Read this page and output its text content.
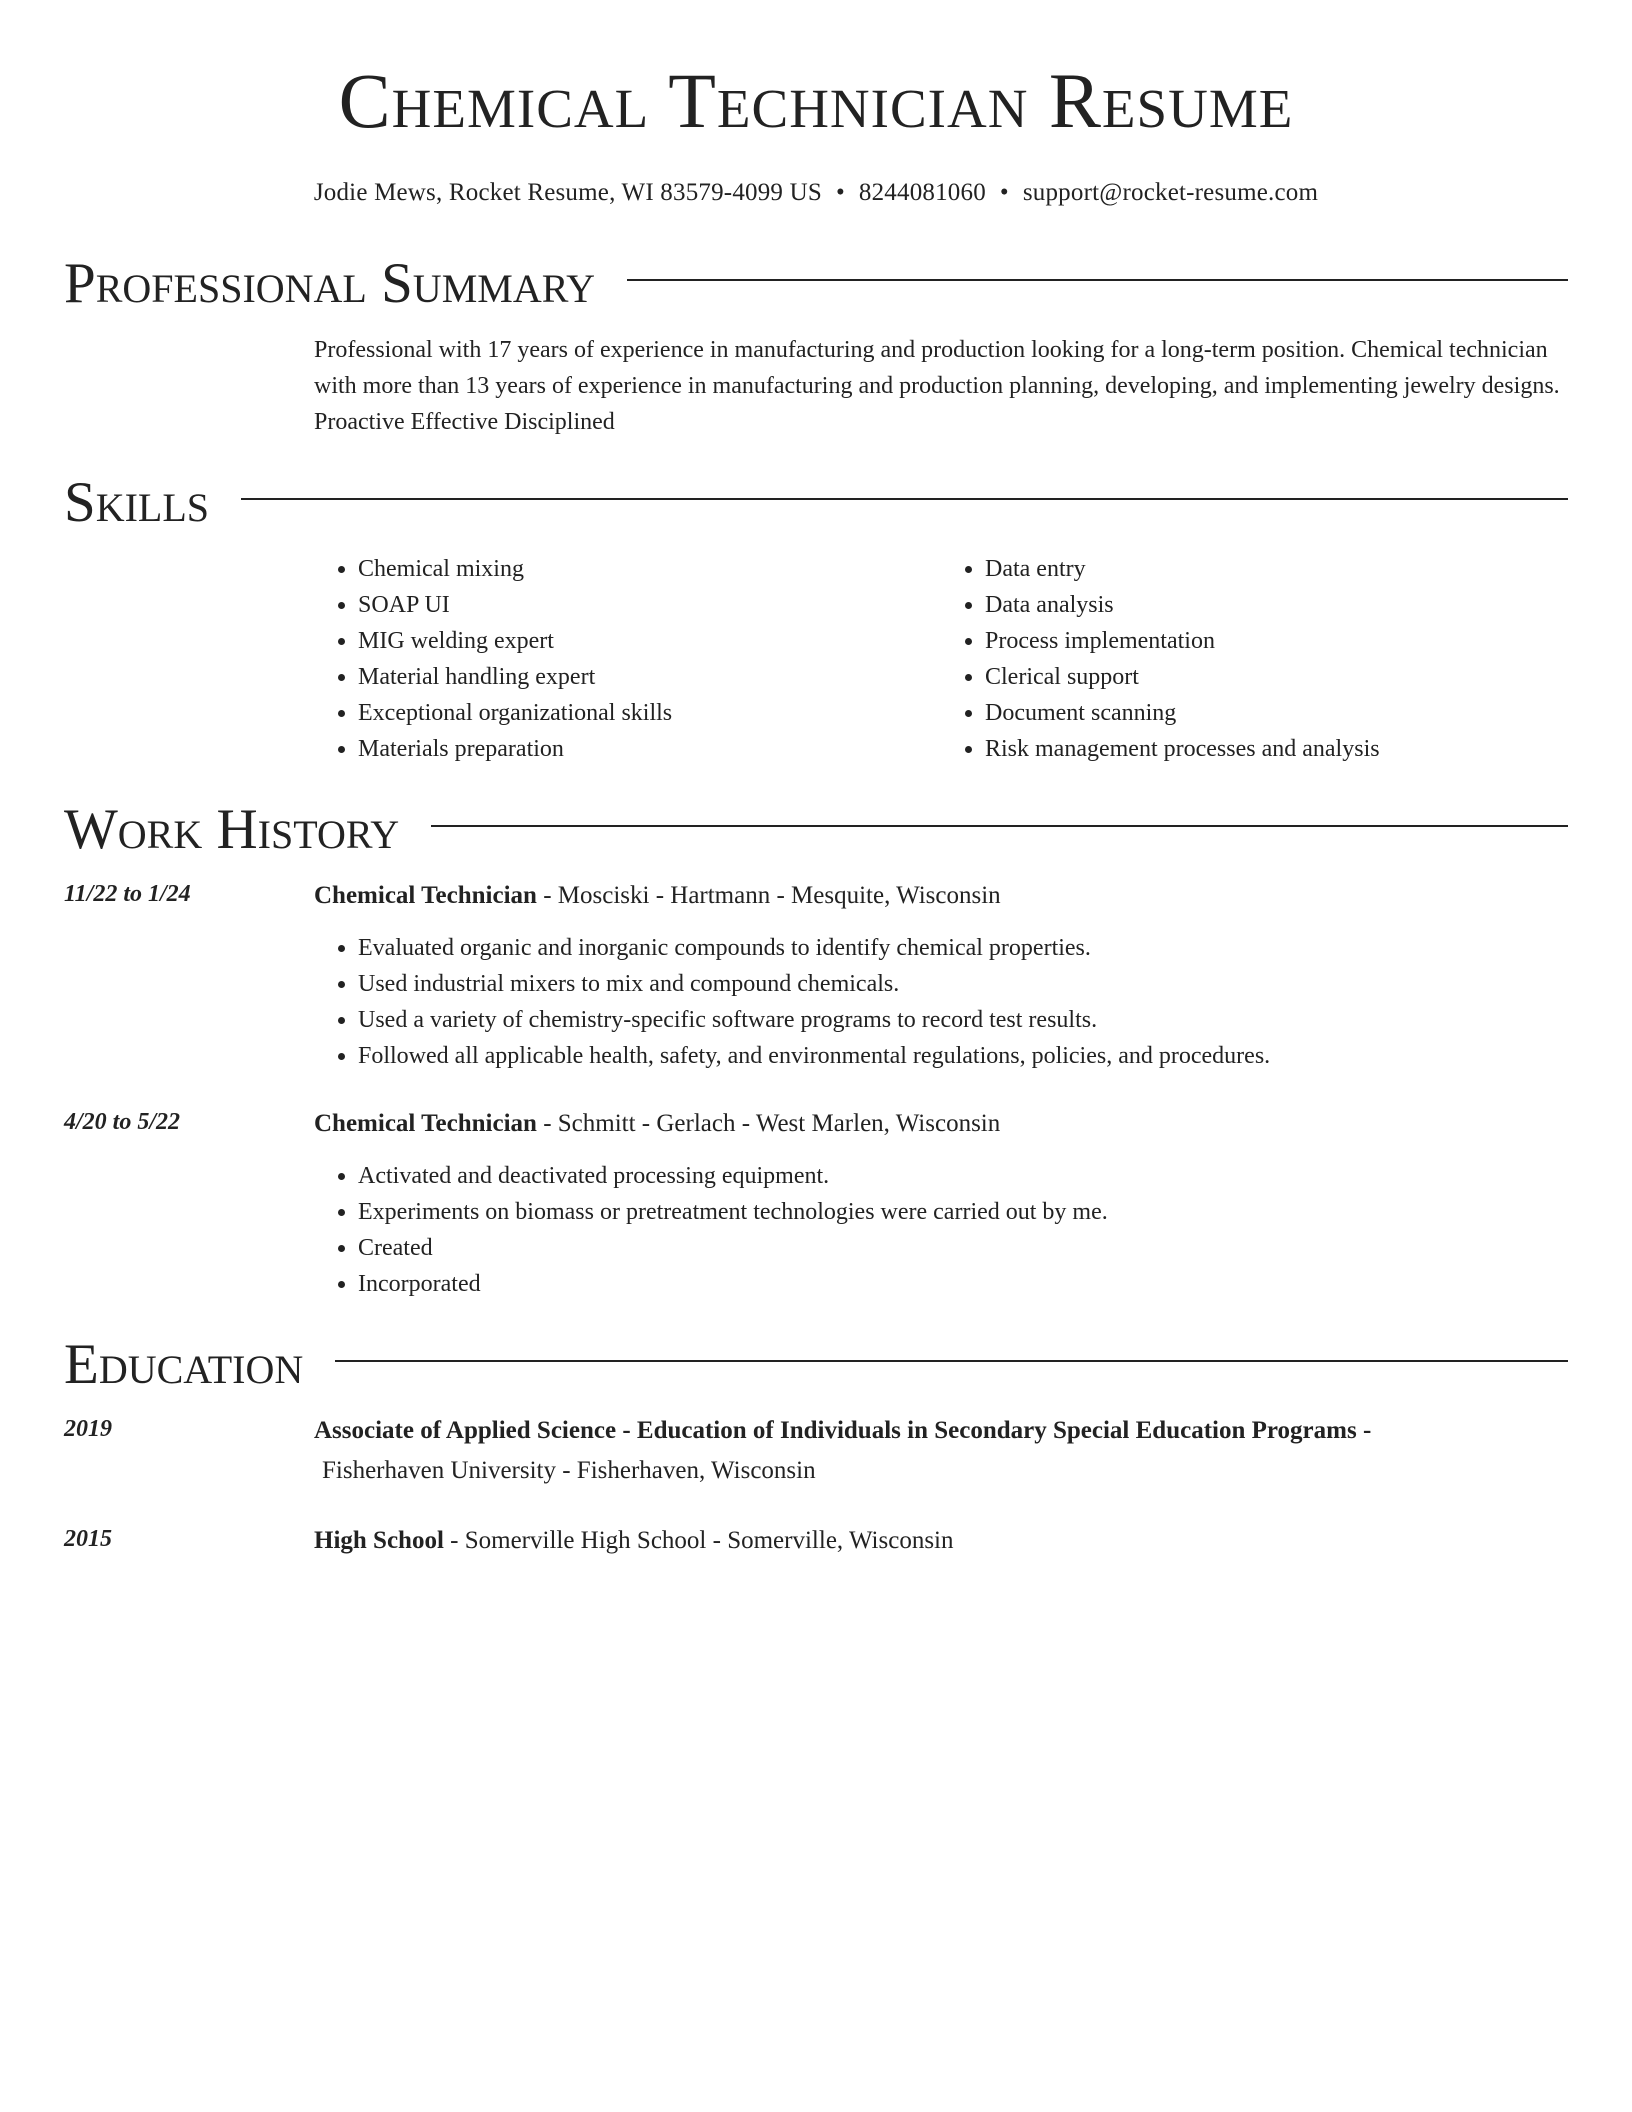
Chemical Technician Resume
Jodie Mews, Rocket Resume, WI 83579-4099 US • 8244081060 • support@rocket-resume.com
Professional Summary
Professional with 17 years of experience in manufacturing and production looking for a long-term position. Chemical technician with more than 13 years of experience in manufacturing and production planning, developing, and implementing jewelry designs. Proactive Effective Disciplined
Skills
• Chemical mixing
• SOAP UI
• MIG welding expert
• Material handling expert
• Exceptional organizational skills
• Materials preparation
• Data entry
• Data analysis
• Process implementation
• Clerical support
• Document scanning
• Risk management processes and analysis
Work History
11/22 to 1/24	Chemical Technician - Mosciski - Hartmann - Mesquite, Wisconsin
• Evaluated organic and inorganic compounds to identify chemical properties.
• Used industrial mixers to mix and compound chemicals.
• Used a variety of chemistry-specific software programs to record test results.
• Followed all applicable health, safety, and environmental regulations, policies, and procedures.
4/20 to 5/22	Chemical Technician - Schmitt - Gerlach - West Marlen, Wisconsin
• Activated and deactivated processing equipment.
• Experiments on biomass or pretreatment technologies were carried out by me.
• Created
• Incorporated
Education
2019	Associate of Applied Science - Education of Individuals in Secondary Special Education Programs -
Fisherhaven University - Fisherhaven, Wisconsin
2015	High School - Somerville High School - Somerville, Wisconsin
